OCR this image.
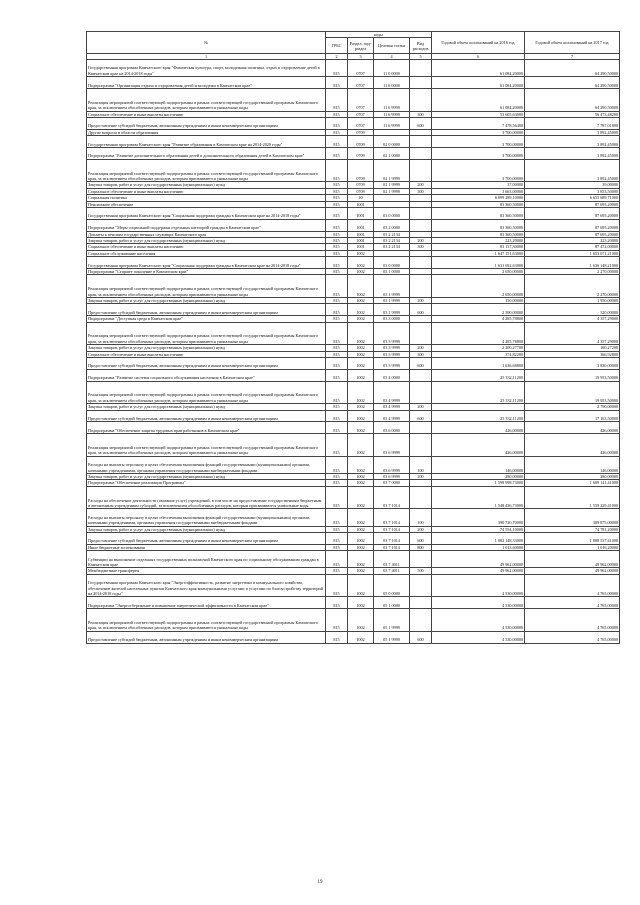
№	коды				Годовой объем ассигнований на 2016 год	Годовой объем ассигнований на 2017 год
	ГРБС	Раздел, под-раздел	Целевая статья	Вид расходов		
1	2	3	4	5	6	7
Государственная программа Камчатского края "Физическая культура, спорт, молодежная политика, отдых и оздоровление детей в Камчатском крае на 2014-2018 годы"	815	0707	11 0 0000		61 084,20000	64 290,50000
Подпрограмма "Организация отдыха и оздоровления детей и молодежи в Камчатском крае"	815	0707	11 6 0000		61 084,20000	64 290,50000
Реализация мероприятий соответствующей подпрограммы в рамках соответствующей государственной программы Камчатского края, за исключением обособленных расходов, которым присваиваются уникальные коды	815	0707	11 6 9999		61 084,20000	64 290,50000
Социальное обеспечение и иные выплаты населению	815	0707	11 6 9999	300	53 605,63000	56 473,48200
Предоставление субсидий бюджетным, автономным учреждениям и иным некоммерческим организациям	815	0707	11 6 9999	600	7 478,56400	7 787,01800
Другие вопросы в области образования	815	0709			3 700,00000	3 892,45000
Государственная программа Камчатского края "Развитие образования в Камчатском крае на 2014-2020 годы"	815	0709	02 0 0000		3 700,00000	3 892,45000
Подпрограмма "Развитие дополнительного образования детей и дополнительного образования детей в Камчатском крае"	815	0709	02 1 0000		3 700,00000	3 892,45000
Реализация мероприятий соответствующей подпрограммы в рамках соответствующей государственной программы Камчатского края, за исключением обособленных расходов, которым присваиваются уникальные коды	815	0709	02 1 9999		3 700,00000	3 892,45000
Закупка товаров, работ и услуг для государственных (муниципальных) нужд	815	0709	02 1 9999	200	37,00000	39,00000
Социальное обеспечение и иные выплаты населению	815	0709	02 1 9999	300	3 663,00000	3 853,50000
Социальная политика	815	10			6 099 289,10000	6 655 689,71000
Пенсионное обеспечение	815	1001			83 360,50000	87 695,20000
Государственная программа Камчатского края "Социальная поддержка граждан в Камчатском крае на 2014-2018 годы"	815	1001	03 0 0000		83 360,50000	87 695,20000
Подпрограмма "Меры социальной поддержки отдельных категорий граждан в Камчатском крае"	815	1001	03 2 0000		83 360,50000	87 695,20000
Доплаты к пенсиям государственных служащих Камчатского края	815	1001	03 2 2134		83 360,50000	87 695,20000
Закупка товаров, работ и услуг для государственных (муниципальных) нужд	815	1001	03 2 2134	200	223,20000	223,20000
Социальное обеспечение и иные выплаты населению	815	1001	03 2 2134	300	83 137,30000	87 472,00000
Социальное обслуживание населения	815	1002			1 647 151,63000	1 653 071,21000
Государственная программа Камчатского края "Социальная поддержка граждан в Камчатском крае на 2014-2018 годы"	815	1002	03 0 0000		1 631 692,63000	1 636 148,21000
Подпрограмма "Старшее поколение в Камчатском крае"	815	1002	03 1 0000		2 650,00000	2 270,00000
Реализация мероприятий соответствующей подпрограммы в рамках соответствующей государственной программы Камчатского края, за исключением обособленных расходов, которым присваиваются уникальные коды	815	1002	03 1 9999		2 650,00000	2 270,00000
Закупка товаров, работ и услуг для государственных (муниципальных) нужд	815	1002	03 1 9999	200	150,00000	1 950,00000
Предоставление субсидий бюджетным, автономным учреждениям и иным некоммерческим организациям	815	1002	03 1 9999	600	2 500,00000	320,00000
Подпрограмма "Доступная среда в Камчатском крае"	815	1002	03 3 0000		4 285,78800	4 357,29000
Реализация мероприятий соответствующей подпрограммы в рамках соответствующей государственной программы Камчатского края, за исключением обособленных расходов, которым присваиваются уникальные коды	815	1002	03 3 9999		4 285,78800	4 357,29000
Закупка товаров, работ и услуг для государственных (муниципальных) нужд	815	1002	03 3 9999	200	2 200,27700	160,27200
Социальное обеспечение и иные выплаты населению	815	1002	03 3 9999	300	374,82200	366,92800
Предоставление субсидий бюджетным, автономным учреждениям и иным некоммерческим организациям	815	1002	03 3 9999	600	1 636,68800	3 830,00000
Подпрограмма "Развитие системы социального обслуживания населения в Камчатском крае"	815	1002	03 4 0000		25 332,11200	19 953,50000
Реализация мероприятий соответствующей подпрограммы в рамках соответствующей государственной программы Камчатского края, за исключением обособленных расходов, которым присваиваются уникальные коды	815	1002	03 4 9999		25 332,11200	19 953,50000
Закупка товаров, работ и услуг для государственных (муниципальных) нужд	815	1002	03 4 9999	200		2 790,00000
Предоставление субсидий бюджетным, автономным учреждениям и иным некоммерческим организациям	815	1002	03 4 9999	600	25 332,11200	17 163,50000
Подпрограмма "Обеспечение защиты трудовых прав работников в Камчатском крае"	815	1002	03 6 0000		426,00000	426,00000
Реализация мероприятий соответствующей подпрограммы в рамках соответствующей государственной программы Камчатского края, за исключением обособленных расходов, которым присваиваются уникальные коды	815	1002	03 6 9999		426,00000	426,00000
Расходы на выплаты персоналу в целях обеспечения выполнения функций государственными (муниципальными) органами, казенными учреждениями, органами управления государственными внебюджетными фондами	815	1002	03 6 9999	100	146,00000	146,00000
Закупка товаров, работ и услуг для государственных (муниципальных) нужд	815	1002	03 6 9999	200	280,00000	280,00000
Подпрограмма "Обеспечение реализации Программы"	815	1002	03 7 0000		1 598 998,73000	1 609 141,41000
Расходы на обеспечение деятельности (оказание услуг) учреждений, в том числе на предоставление государственным бюджетным и автономным учреждениям субсидий, за исключением обособленных расходов, которым присваиваются уникальные коды	815	1002	03 7 1014		1 548 436,73000	1 559 229,41000
Расходы на выплаты персоналу в целях обеспечения выполнения функций государственными (муниципальными) органами, казенными учреждениями, органами управления государственными внебюджетными фондами	815	1002	03 7 1014	100	390 720,70000	389 875,00000
Закупка товаров, работ и услуг для государственных (муниципальных) нужд	815	1002	03 7 1014	200	74 554,10000	74 781,20000
Предоставление субсидий бюджетным, автономным учреждениям и иным некоммерческим организациям	815	1002	03 7 1014	600	1 082 148,33000	1 088 537,41000
Иные бюджетные ассигнования	815	1002	03 7 1014	800	1 013,60000	1 016,20000
Субвенции на выполнение отдельных государственных полномочий Камчатского края по социальному обслуживанию граждан в Камчатском крае	815	1002	03 7 4011		49 962,00000	49 962,00000
Межбюджетные трансферты	815	1002	03 7 4011	500	49 962,00000	49 962,00000
Государственная программа Камчатского края "Энергоэффективность, развитие энергетики и коммунального хозяйства, обеспечение жителей населенных пунктов Камчатского края коммунальными услугами и услугами по благоустройству территорий на 2014-2018 годы"	815	1002	05 0 0000		4 530,00000	4 765,00000
Подпрограмма "Энергосбережение и повышение энергетической эффективности в Камчатском крае"	815	1002	05 1 0000		4 530,00000	4 765,00000
Реализация мероприятий соответствующей подпрограммы в рамках соответствующей государственной программы Камчатского края, за исключением обособленных расходов, которым присваиваются уникальные коды	815	1002	05 1 9999		4 530,00000	4 765,00000
Предоставление субсидий бюджетным, автономным учреждениям и иным некоммерческим организациям	815	1002	05 1 9999	600	4 530,00000	4 765,00000
19
